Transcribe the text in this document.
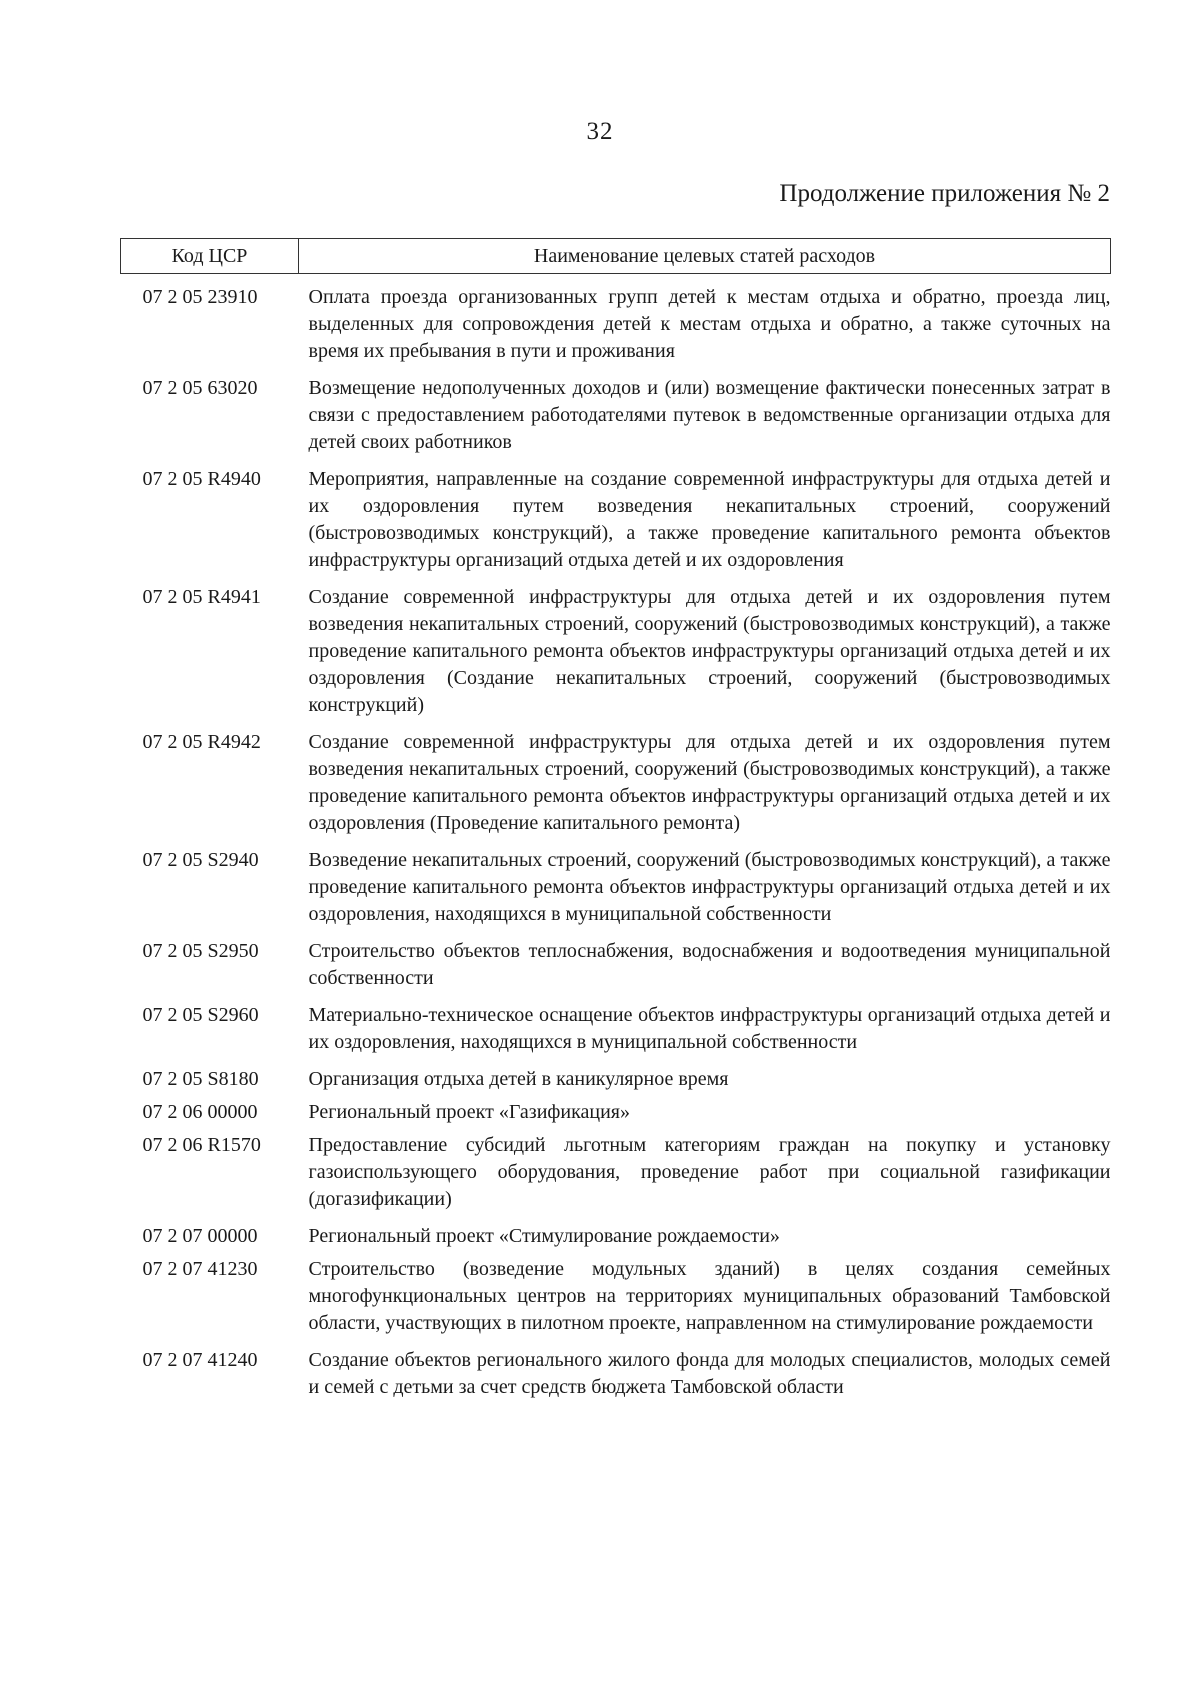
32
Продолжение приложения № 2
Код ЦСР	Наименование целевых статей расходов
07 2 05 23910	Оплата проезда организованных групп детей к местам отдыха и обратно, проезда лиц, выделенных для сопровождения детей к местам отдыха и обратно, а также суточных на время их пребывания в пути и проживания
07 2 05 63020	Возмещение недополученных доходов и (или) возмещение фактически понесенных затрат в связи с предоставлением работодателями путевок в ведомственные организации отдыха для детей своих работников
07 2 05 R4940	Мероприятия, направленные на создание современной инфраструктуры для отдыха детей и их оздоровления путем возведения некапитальных строений, сооружений (быстровозводимых конструкций), а также проведение капитального ремонта объектов инфраструктуры организаций отдыха детей и их оздоровления
07 2 05 R4941	Создание современной инфраструктуры для отдыха детей и их оздоровления путем возведения некапитальных строений, сооружений (быстровозводимых конструкций), а также проведение капитального ремонта объектов инфраструктуры организаций отдыха детей и их оздоровления (Создание некапитальных строений, сооружений (быстровозводимых конструкций)
07 2 05 R4942	Создание современной инфраструктуры для отдыха детей и их оздоровления путем возведения некапитальных строений, сооружений (быстровозводимых конструкций), а также проведение капитального ремонта объектов инфраструктуры организаций отдыха детей и их оздоровления (Проведение капитального ремонта)
07 2 05 S2940	Возведение некапитальных строений, сооружений (быстровозводимых конструкций), а также проведение капитального ремонта объектов инфраструктуры организаций отдыха детей и их оздоровления, находящихся в муниципальной собственности
07 2 05 S2950	Строительство объектов теплоснабжения, водоснабжения и водоотведения муниципальной собственности
07 2 05 S2960	Материально-техническое оснащение объектов инфраструктуры организаций отдыха детей и их оздоровления, находящихся в муниципальной собственности
07 2 05 S8180	Организация отдыха детей в каникулярное время
07 2 06 00000	Региональный проект «Газификация»
07 2 06 R1570	Предоставление субсидий льготным категориям граждан на покупку и установку газоиспользующего оборудования, проведение работ при социальной газификации (догазификации)
07 2 07 00000	Региональный проект «Стимулирование рождаемости»
07 2 07 41230	Строительство (возведение модульных зданий) в целях создания семейных многофункциональных центров на территориях муниципальных образований Тамбовской области, участвующих в пилотном проекте, направленном на стимулирование рождаемости
07 2 07 41240	Создание объектов регионального жилого фонда для молодых специалистов, молодых семей и семей с детьми за счет средств бюджета Тамбовской области
